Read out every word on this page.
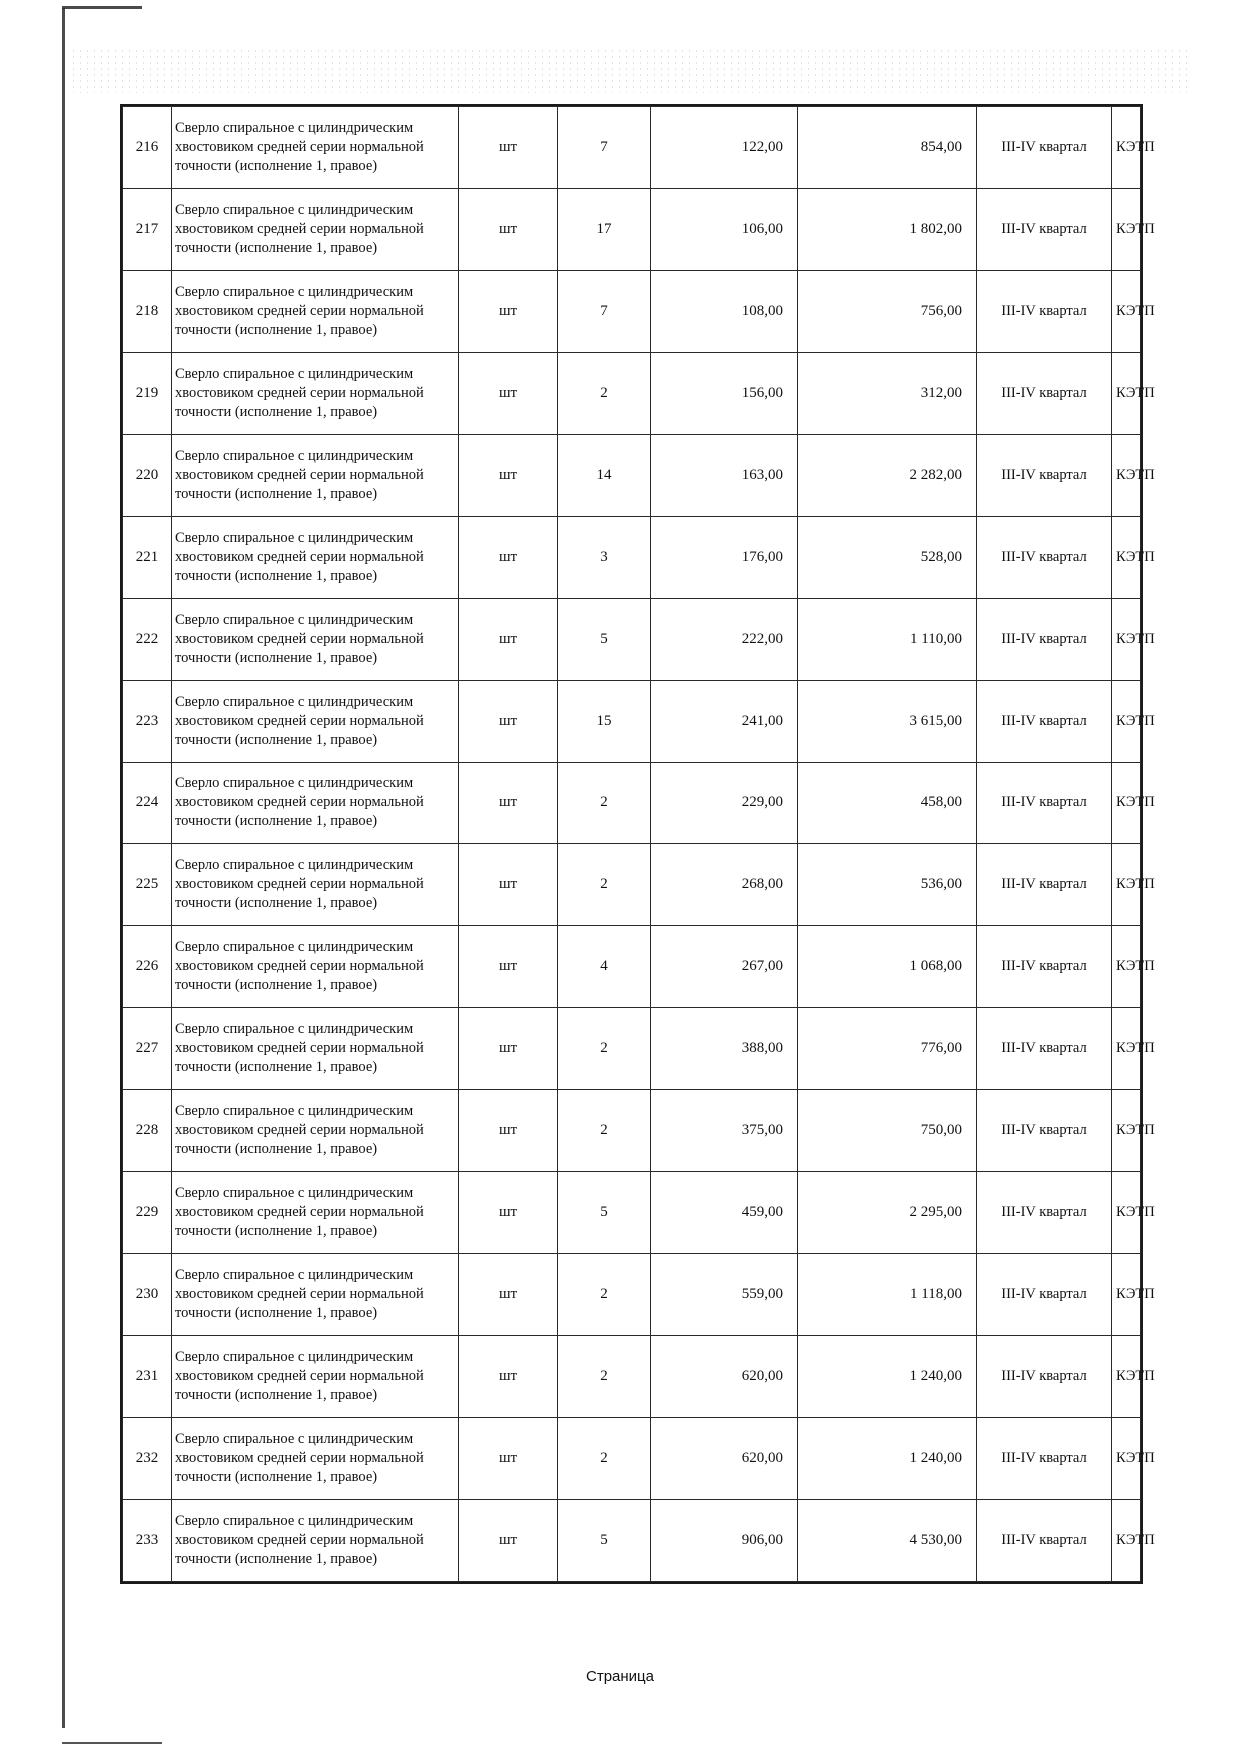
216	Сверло спиральное с цилиндрическим хвостовиком средней серии нормальной точности (исполнение 1, правое)	шт	7	122,00	854,00	III-IV квартал	КЭТП
217	Сверло спиральное с цилиндрическим хвостовиком средней серии нормальной точности (исполнение 1, правое)	шт	17	106,00	1 802,00	III-IV квартал	КЭТП
218	Сверло спиральное с цилиндрическим хвостовиком средней серии нормальной точности (исполнение 1, правое)	шт	7	108,00	756,00	III-IV квартал	КЭТП
219	Сверло спиральное с цилиндрическим хвостовиком средней серии нормальной точности (исполнение 1, правое)	шт	2	156,00	312,00	III-IV квартал	КЭТП
220	Сверло спиральное с цилиндрическим хвостовиком средней серии нормальной точности (исполнение 1, правое)	шт	14	163,00	2 282,00	III-IV квартал	КЭТП
221	Сверло спиральное с цилиндрическим хвостовиком средней серии нормальной точности (исполнение 1, правое)	шт	3	176,00	528,00	III-IV квартал	КЭТП
222	Сверло спиральное с цилиндрическим хвостовиком средней серии нормальной точности (исполнение 1, правое)	шт	5	222,00	1 110,00	III-IV квартал	КЭТП
223	Сверло спиральное с цилиндрическим хвостовиком средней серии нормальной точности (исполнение 1, правое)	шт	15	241,00	3 615,00	III-IV квартал	КЭТП
224	Сверло спиральное с цилиндрическим хвостовиком средней серии нормальной точности (исполнение 1, правое)	шт	2	229,00	458,00	III-IV квартал	КЭТП
225	Сверло спиральное с цилиндрическим хвостовиком средней серии нормальной точности (исполнение 1, правое)	шт	2	268,00	536,00	III-IV квартал	КЭТП
226	Сверло спиральное с цилиндрическим хвостовиком средней серии нормальной точности (исполнение 1, правое)	шт	4	267,00	1 068,00	III-IV квартал	КЭТП
227	Сверло спиральное с цилиндрическим хвостовиком средней серии нормальной точности (исполнение 1, правое)	шт	2	388,00	776,00	III-IV квартал	КЭТП
228	Сверло спиральное с цилиндрическим хвостовиком средней серии нормальной точности (исполнение 1, правое)	шт	2	375,00	750,00	III-IV квартал	КЭТП
229	Сверло спиральное с цилиндрическим хвостовиком средней серии нормальной точности (исполнение 1, правое)	шт	5	459,00	2 295,00	III-IV квартал	КЭТП
230	Сверло спиральное с цилиндрическим хвостовиком средней серии нормальной точности (исполнение 1, правое)	шт	2	559,00	1 118,00	III-IV квартал	КЭТП
231	Сверло спиральное с цилиндрическим хвостовиком средней серии нормальной точности (исполнение 1, правое)	шт	2	620,00	1 240,00	III-IV квартал	КЭТП
232	Сверло спиральное с цилиндрическим хвостовиком средней серии нормальной точности (исполнение 1, правое)	шт	2	620,00	1 240,00	III-IV квартал	КЭТП
233	Сверло спиральное с цилиндрическим хвостовиком средней серии нормальной точности (исполнение 1, правое)	шт	5	906,00	4 530,00	III-IV квартал	КЭТП
Страница
